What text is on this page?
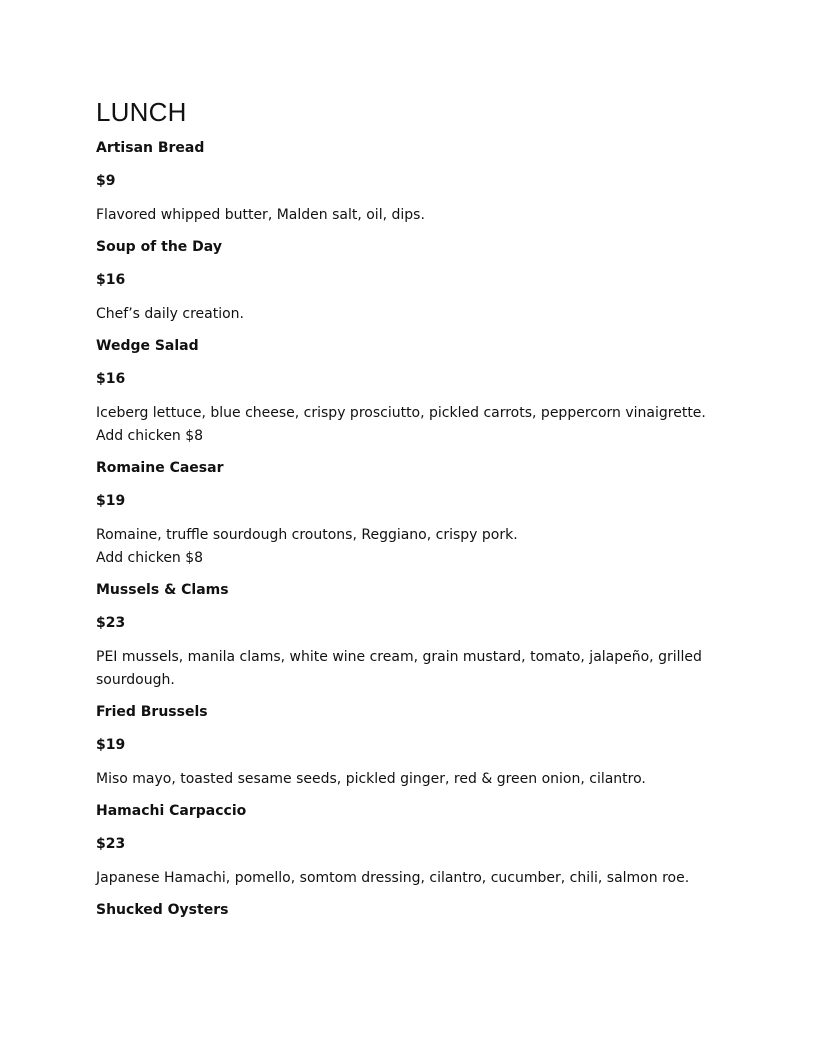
LUNCH
Artisan Bread
$9
Flavored whipped butter, Malden salt, oil, dips.
Soup of the Day
$16
Chef’s daily creation.
Wedge Salad
$16
Iceberg lettuce, blue cheese, crispy prosciutto, pickled carrots, peppercorn vinaigrette.
Add chicken $8
Romaine Caesar
$19
Romaine, truffle sourdough croutons, Reggiano, crispy pork.
Add chicken $8
Mussels & Clams
$23
PEI mussels, manila clams, white wine cream, grain mustard, tomato, jalapeño, grilled
sourdough.
Fried Brussels
$19
Miso mayo, toasted sesame seeds, pickled ginger, red & green onion, cilantro.
Hamachi Carpaccio
$23
Japanese Hamachi, pomello, somtom dressing, cilantro, cucumber, chili, salmon roe.
Shucked Oysters
